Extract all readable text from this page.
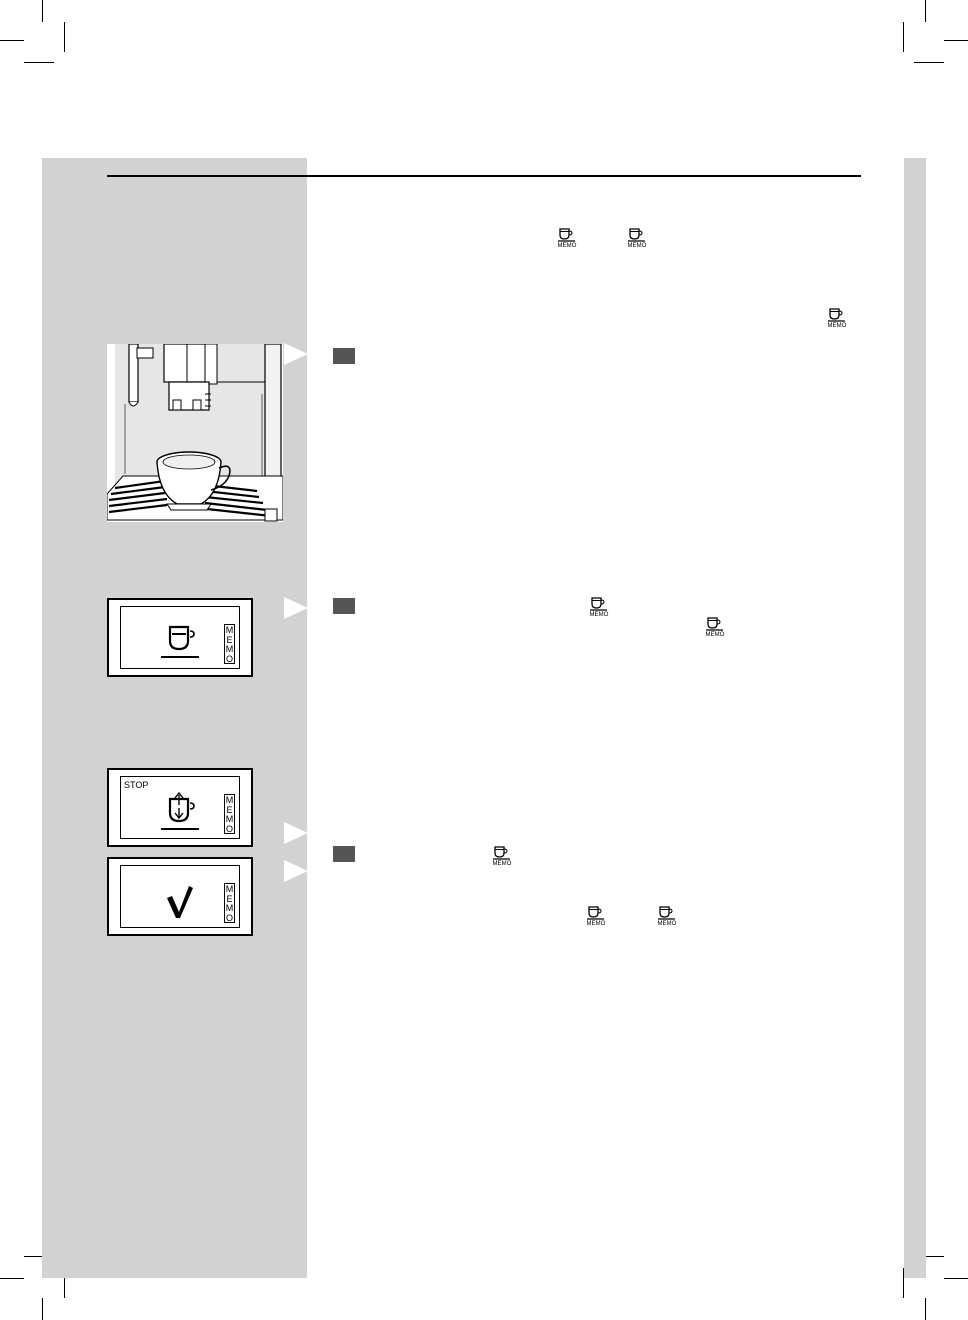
MEMO	MEMO
MEMO
MEMO
MEMO
MEMO
MEMO	MEMO
MEMO
STOP
MEMO
MEMO
